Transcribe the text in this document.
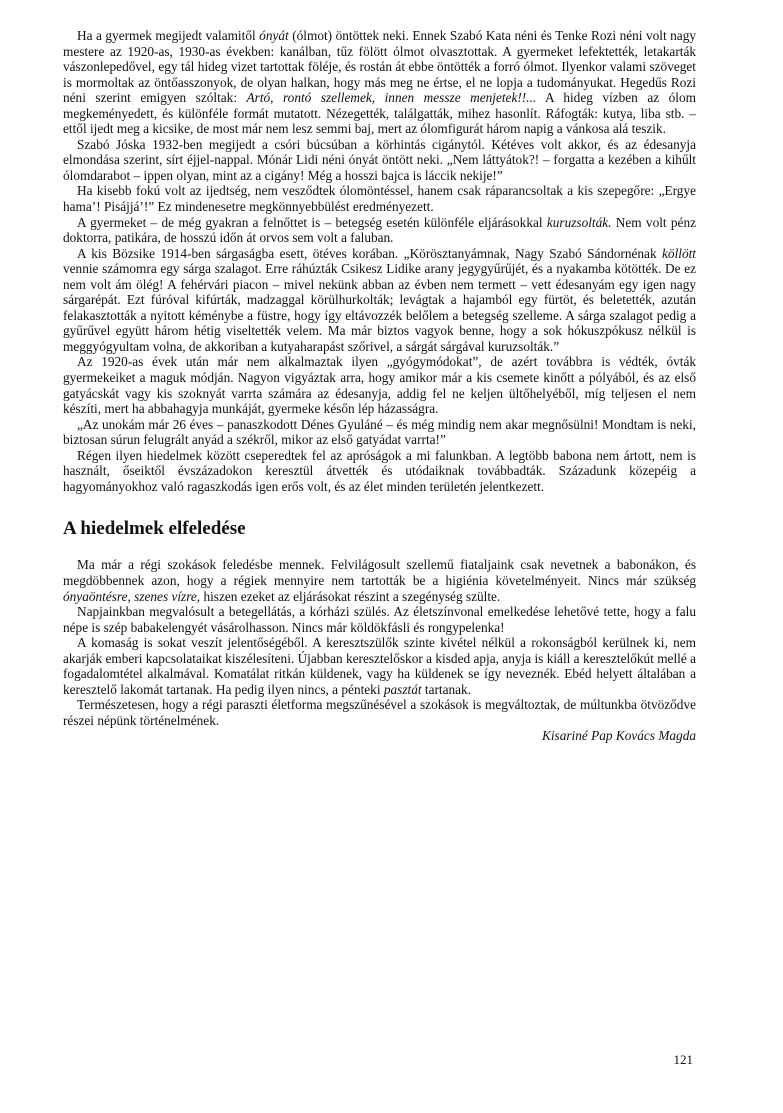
Ha a gyermek megijedt valamitől ónyát (ólmot) öntöttek neki. Ennek Szabó Kata néni és Tenke Rozi néni volt nagy mestere az 1920-as, 1930-as években: kanálban, tűz fölött ólmot olvasztottak. A gyermeket lefektették, letakarták vászonlepedővel, egy tál hideg vizet tartottak föléje, és rostán át ebbe öntötték a forró ólmot. Ilyenkor valami szöveget is mormoltak az öntőasszonyok, de olyan halkan, hogy más meg ne értse, el ne lopja a tudományukat. Hegedűs Rozi néni szerint emigyen szóltak: Artó, rontó szellemek, innen messze menjetek!!... A hideg vízben az ólom megkeményedett, és különféle formát mutatott. Nézegették, találgatták, mihez hasonlít. Ráfogták: kutya, liba stb. – ettől ijedt meg a kicsike, de most már nem lesz semmi baj, mert az ólomfigurát három napig a vánkosa alá teszik.

Szabó Jóska 1932-ben megijedt a csóri búcsúban a körhintás cigánytól. Kétéves volt akkor, és az édesanyja elmondása szerint, sírt éjjel-nappal. Mónár Lidi néni ónyát öntött neki. „Nem láttyátok?! – forgatta a kezében a kihűlt ólomdarabot – ippen olyan, mint az a cigány! Még a hosszi bajca is láccik nekije!”

Ha kisebb fokú volt az ijedtség, nem vesződtek ólomöntéssel, hanem csak ráparancsoltak a kis szepegőre: „Ergye hama’! Pisájjá’!” Ez mindenesetre megkönnyebbülést eredményezett.

A gyermeket – de még gyakran a felnőttet is – betegség esetén különféle eljárásokkal kuruzsolták. Nem volt pénz doktorra, patikára, de hosszú időn át orvos sem volt a faluban.

A kis Bözsike 1914-ben sárgaságba esett, ötéves korában. „Körösztanyámnak, Nagy Szabó Sándornénak köllött vennie számomra egy sárga szalagot. Erre ráhúzták Csikesz Lidike arany jegygyűrűjét, és a nyakamba kötötték. De ez nem volt ám ölég! A fehérvári piacon – mivel nekünk abban az évben nem termett – vett édesanyám egy igen nagy sárgarépát. Ezt fúróval kifúrták, madzaggal körülhurkolták; levágtak a hajamból egy fürtöt, és beletették, azután felakasztották a nyitott kéménybe a füstre, hogy így eltávozzék belőlem a betegség szelleme. A sárga szalagot pedig a gyűrűvel együtt három hétig viseltették velem. Ma már biztos vagyok benne, hogy a sok hókuszpókusz nélkül is meggyógyultam volna, de akkoriban a kutyaharapást szőrivel, a sárgát sárgával kuruzsolták.”

Az 1920-as évek után már nem alkalmaztak ilyen „gyógymódokat”, de azért továbbra is védték, óvták gyermekeiket a maguk módján. Nagyon vigyáztak arra, hogy amikor már a kis csemete kinőtt a pólyából, és az első gatyácskát vagy kis szoknyát varrta számára az édesanyja, addig fel ne keljen ültőhelyéből, míg teljesen el nem készíti, mert ha abbahagyja munkáját, gyermeke későn lép házasságra.

„Az unokám már 26 éves – panaszkodott Dénes Gyuláné – és még mindig nem akar megnősülni! Mondtam is neki, biztosan súrun felugrált anyád a székről, mikor az első gatyádat varrta!”

Régen ilyen hiedelmek között cseperedtek fel az apróságok a mi falunkban. A legtöbb babona nem ártott, nem is használt, őseiktől évszázadokon keresztül átvették és utódaiknak továbbadták. Századunk közepéig a hagyományokhoz való ragaszkodás igen erős volt, és az élet minden területén jelentkezett.

A hiedelmek elfeledése

Ma már a régi szokások feledésbe mennek. Felvilágosult szellemű fiataljaink csak nevetnek a babonákon, és megdöbbennek azon, hogy a régiek mennyire nem tartották be a higiénia követelményeit. Nincs már szükség ónyaöntésre, szenes vízre, hiszen ezeket az eljárásokat részint a szegénység szülte.

Napjainkban megvalósult a betegellátás, a kórházi szülés. Az életszínvonal emelkedése lehetővé tette, hogy a falu népe is szép babakelengyét vásárolhasson. Nincs már köldökfásli és rongypelenka!

A komaság is sokat veszít jelentőségéből. A keresztszülők szinte kivétel nélkül a rokonságból kerülnek ki, nem akarják emberi kapcsolataikat kiszélesíteni. Újabban keresztelőskor a kisded apja, anyja is kiáll a keresztelőkút mellé a fogadalomtétel alkalmával. Komatálat ritkán küldenek, vagy ha küldenek se így neveznék. Ebéd helyett általában a keresztelő lakomát tartanak. Ha pedig ilyen nincs, a pénteki pasztát tartanak.

Természetesen, hogy a régi paraszti életforma megszűnésével a szokások is megváltoztak, de múltunkba ötvöződve részei népünk történelmének.

Kisariné Pap Kovács Magda

121
